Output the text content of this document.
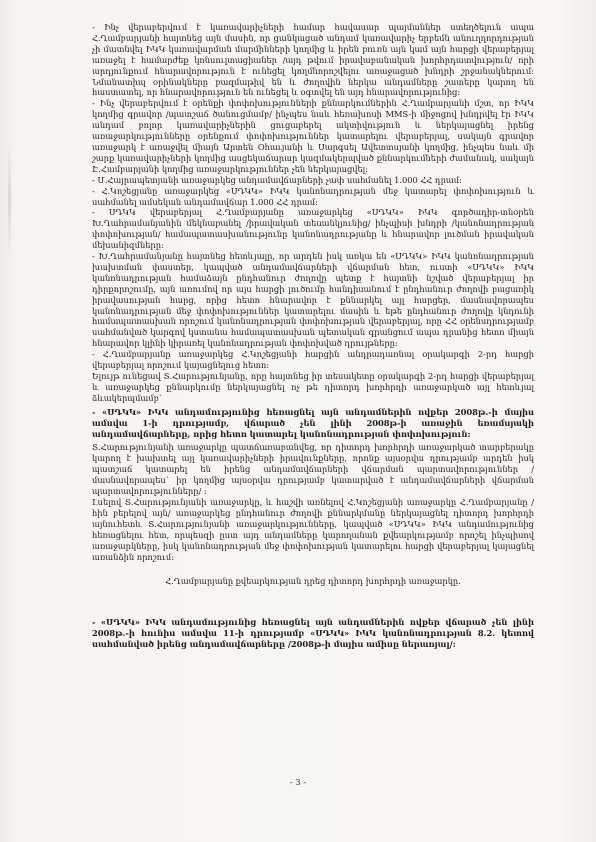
- Ինչ վերաբերվում է կառավարիչների համար հավասար պայմաններ ստեղծելուն ապա Հ.Ղամբարյանի հայտնեց այն մասին, որ ցանկացած անդամ կառավարիչ երբեմն անուղղորդության չի մատնվել ԻԿԿ կառավարման մարմինների կողմից և իրեն բուռն այն կամ այն հարցի վերաբերյալ առաջել է համարժեք կոնսուլտացիաներ /այդ թվում իրավաբանական խորհրդատվություն/ որի արդյունքում հնարավորություն է ունեցել կողմնորոշվելու առաջացած խնդրի շրջանակներում: Նմանատիպ օրինակները բազմաթիվ են և ժողովին ներկա անդամները շատերը կարող են հաստատել, որ հնարավորություն են ունեցել և օգտվել են այդ հնարավորությունից:

- Ինչ վերաբերվում է օրենքի փոփոխությունների քննարկումներին Հ.Ղամբարյանի մշտ, որ ԻԿԿ կողմից գրավոր /պատշաճ ծանուցմամբ/ ինչպես նաև հեռախոսի MMS-ի միջոցով խնդրվել էր ԻԿԿ անդամ բոլոր կառավարիչներին ցուցաբերել ակտիվություն և ներկայացնել իրենց առաջարկությունները օրենքում փոփոխություններ կատարելու վերաբերյալ, սակայն գրավոր առաջարկ է առաջվել միայն Արտեն Օհաւյանի և Սարգսել Ավետտսյանի կողմից, ինչպես նաև մի շարք կառավարիչների կողմից ասցեկաճարար կազմակերպված քննարկումների ժամանակ, սակայն Է.Համբարյանի կողմից առաջարկություններ չեն ներկայացվել:

- Մ.Հայրապետյանի առաջարկեց անդամավճարների չափ սահմանել 1.000 ՀՀ դրամ:

- Հ.Կոշեցյանը առաջարկեց «ՍԴԿԿ» ԻԿԿ կանոնադրության մեջ կատարել փոփոխություն և սահմանել ամսեկան անդամավճար 1.000 ՀՀ դրամ:

- ՍԴԿԿ վերաբերյալ Հ.Ղամբարյանը առաջարկեց «ՍԴԿԿ» ԻԿԿ գործադիր-տնօրեն Խ.Ղահրամանյանին մեկնաբանել /իրավական տեսանկյունից/ ինչպիսի խնդրի /կանոնադրության փոփոխության/ համապատասխանությունը կանոնադրությանը և հնարավոր լուծման իրավական մեխանիզմները:

- Խ.Ղահրամանյանը հայտնեց հետևյալը, որ արդեն իսկ առկա են «ՍԴԿԿ» ԻԿԿ կանոնադրության խախտման փաստեր, կապված անդամավճարների վճարման հետ, ուստի «ՍԴԿԿ» ԻԿԿ կանոնադրության համաձայն ընդհանուր ժողովը պետք է հայտնի նշված վերաբերյալ իր դիրքորոշումը, այն առումով որ այս հարցի լուծումը հանդիսանում է ընդհանուր ժողովի բացառիկ իրավասության հարց, որից հետո հնարավոր է քննարկել այլ հարցեր, մասնավորապես կանոնադրության մեջ փոփոխություններ կատարելու մասին և եթե ընդհանուր ժողովը կնդունի համապատասխան որոշում կանոնադրության փոփոխության վերաբերյալ, որը ՀՀ օրենսդրությամբ սահմանված կարգով կստանա համապատասխան պետական գրանցում ապա դրանից հետո միայն հնարավոր կլինի կիրառել կանոնադրության փոփոխված դրույթները:

- Հ.Ղամբարյանը առաջարկեց Հ.Կոշեցյանի հարցին անդրադառնալ օրակարգի 2-րդ հարցի վերաբերյալ որոշում կայացնելուց հետո:

Ելույթ ունեցավ Տ.Հարությունյանը, որը հայտնեց իր տեսակետը օրակարգի 2-րդ հարցի վերաբերյալ և առաջարկեց քննարկումը ներկայացնել ոչ թե դիտորդ խորհրդի առաջարկած այլ հետևյալ ձևակերպմամբ`

- «ՍԴԿԿ» ԻԿԿ անդամությունից հեռացնել այն անդամներին ովքեր 2008թ.-ի մայիս ամսվա 1-ի դրությամբ, վճարած չեն լինի 2008թ-ի առաջին եռամսյակի անդամավճարները, որից հետո կատարել կանոնադրության փոփոխություն:

Տ.Հարությունյանի առաջարկը պատճառաբանվեց, որ դիտորդ խորհրդի առաջարկած տարբերակը կարող է խախտել այլ կառավարիչների իրավունքները, որոնք այսօրվա դրությամբ արդեն իսկ պատշաճ կատարել են իրենց անդամավճարների վճարման պարտավորություններ /մասնավորապես` իր կողմից այսօրվա դրությամբ կատարված է անդամավճարների վճարման պարտավորությունները/ :

Լսելով Տ.Հարությունյանի առաջարկը, և հաշվի առնելով Հ.Կոշեցյանի առաջարկը Հ.Ղամբարյանը /հին բերելով այն/ առաջարկեց ընդհանուր ժողովի քննարկմանը ներկայացնել դիտորդ խորհրդի այնուհետև Տ.Հարությունյանի առաջարկությունները, կապված «ՍԴԿԿ» ԻԿԿ անդամությունից հեռացնելու հետ, որպեսզի ըստ այդ անդամները կարողանան քվեարկությամբ որոշել ինչպիսով առաջարկները, իսկ կանոնադրության մեջ փոփոխության կատարելու հարցի վերաբերյալ կայացնել առանձին որոշում:

Հ.Ղամբարյանը քվեարկության դրեց դիտորդ խորհրդի առաջարկը.

- «ՍԴԿԿ» ԻԿԿ անդամությունից հեռացնել այն անդամներին ովքեր վճարած չեն լինի 2008թ.-ի հունիս ամսվա 11-ի դրությամբ «ՍԴԿԿ» ԻԿԿ կանոնադրության 8.2. կետով սահմանված իրենց անդամավճարները /2008թ-ի մայիս ամիսը ներառյալ/:

- 3 -
